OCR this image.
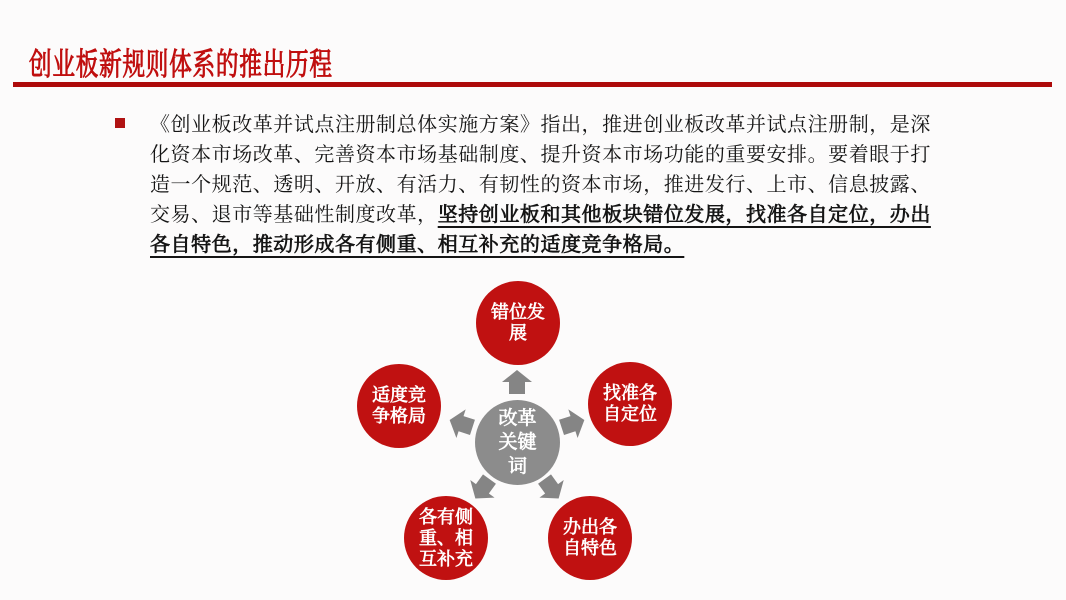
创业板新规则体系的推出历程
《创业板改革并试点注册制总体实施方案》指出，推进创业板改革并试点注册制，是深
化资本市场改革、完善资本市场基础制度、提升资本市场功能的重要安排。要着眼于打
造一个规范、透明、开放、有活力、有韧性的资本市场，推进发行、上市、信息披露、
交易、退市等基础性制度改革，坚持创业板和其他板块错位发展，找准各自定位，办出
各自特色，推动形成各有侧重、相互补充的适度竞争格局。
错位发展
找准各自定位
办出各自特色
各有侧重、相互补充
适度竞争格局	改革关键词
